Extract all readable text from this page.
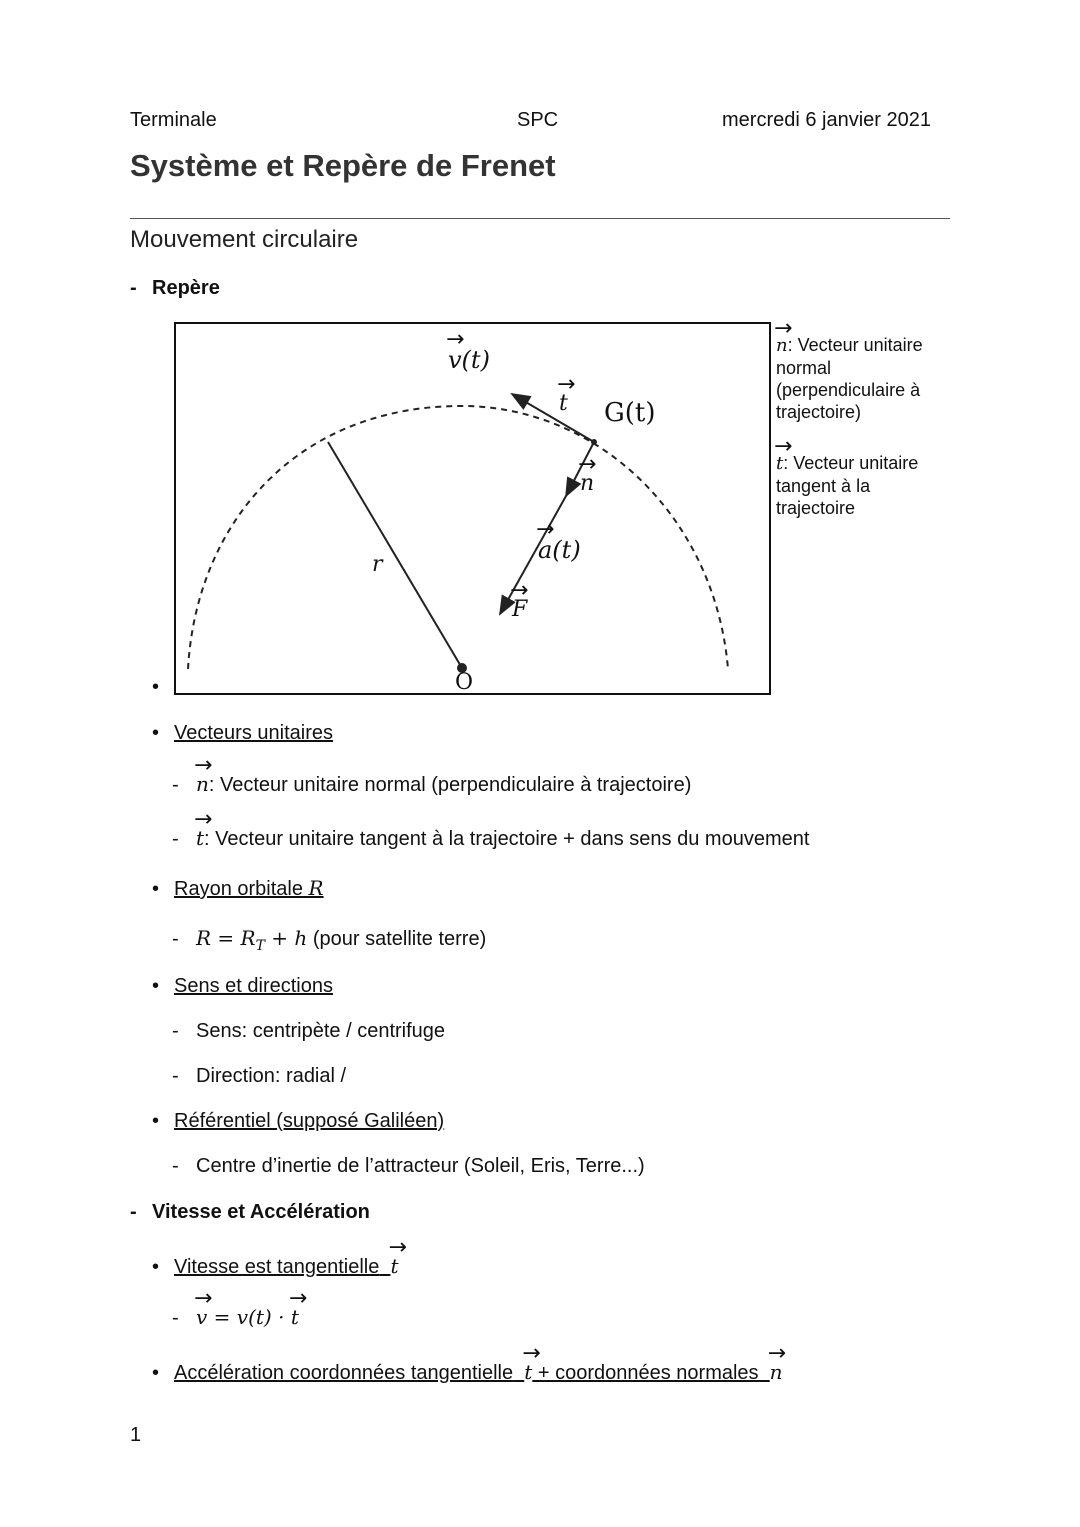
Terminale	SPC	mercredi 6 janvier 2021
Système et Repère de Frenet
Mouvement circulaire
- Repère
→ v(t)
→ t G(t)
→ n
→ a(t)
r
→ F
O
→ n: Vecteur unitaire normal (perpendiculaire à trajectoire)
→ t: Vecteur unitaire tangent à la trajectoire
•
• Vecteurs unitaires
- → n: Vecteur unitaire normal (perpendiculaire à trajectoire)
- → t: Vecteur unitaire tangent à la trajectoire + dans sens du mouvement
• Rayon orbitale R
- $R = R_T + h$ (pour satellite terre)
• Sens et directions
- Sens: centripète / centrifuge
- Direction: radial /
• Référentiel (supposé Galiléen)
- Centre d’inertie de l’attracteur (Soleil, Eris, Terre...)
- Vitesse et Accélération
• Vitesse est tangentielle → t
- → v = v(t) · → t
• Accélération coordonnées tangentielle → t + coordonnées normales → n
1
